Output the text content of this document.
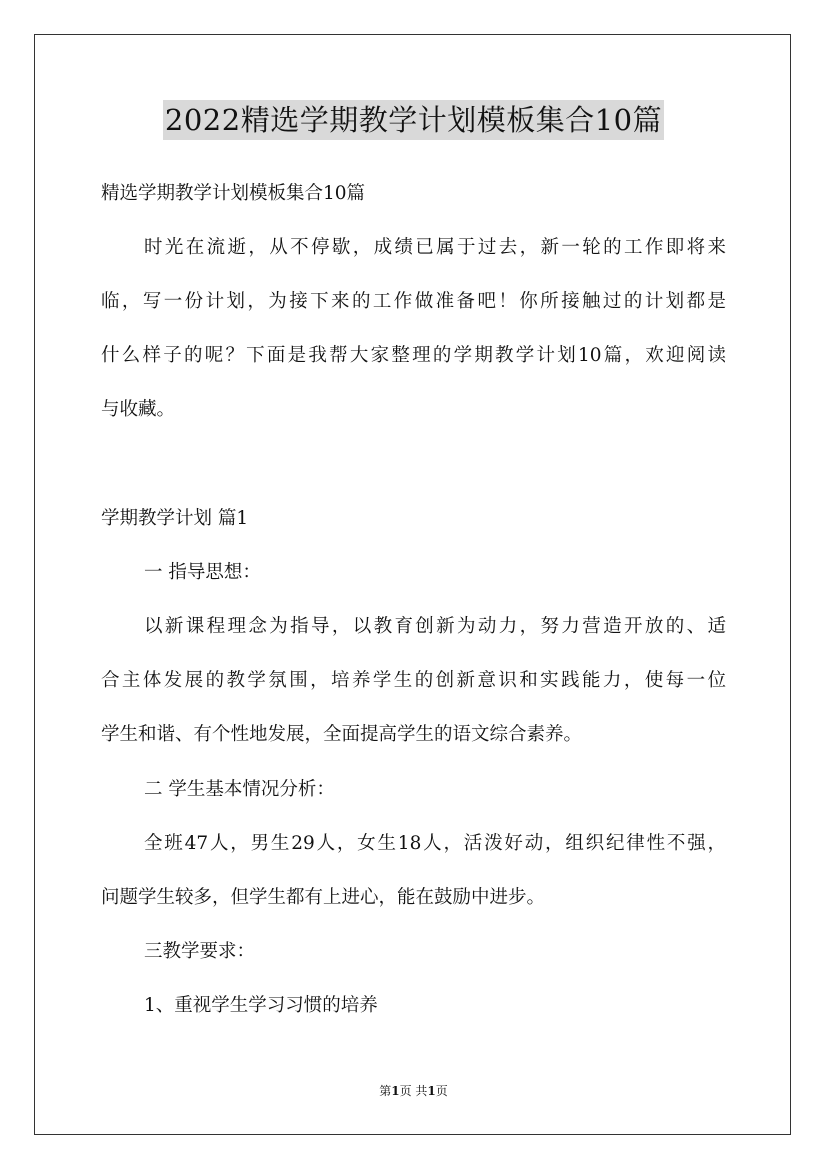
2022精选学期教学计划模板集合10篇
精选学期教学计划模板集合10篇
时光在流逝，从不停歇，成绩已属于过去，新一轮的工作即将来
临，写一份计划，为接下来的工作做准备吧！你所接触过的计划都是
什么样子的呢？下面是我帮大家整理的学期教学计划10篇，欢迎阅读
与收藏。
学期教学计划 篇1
一 指导思想：
以新课程理念为指导，以教育创新为动力，努力营造开放的、适
合主体发展的教学氛围，培养学生的创新意识和实践能力，使每一位
学生和谐、有个性地发展，全面提高学生的语文综合素养。
二 学生基本情况分析：
全班47人，男生29人，女生18人，活泼好动，组织纪律性不强，
问题学生较多，但学生都有上进心，能在鼓励中进步。
三教学要求：
1、重视学生学习习惯的培养
第1页 共1页
